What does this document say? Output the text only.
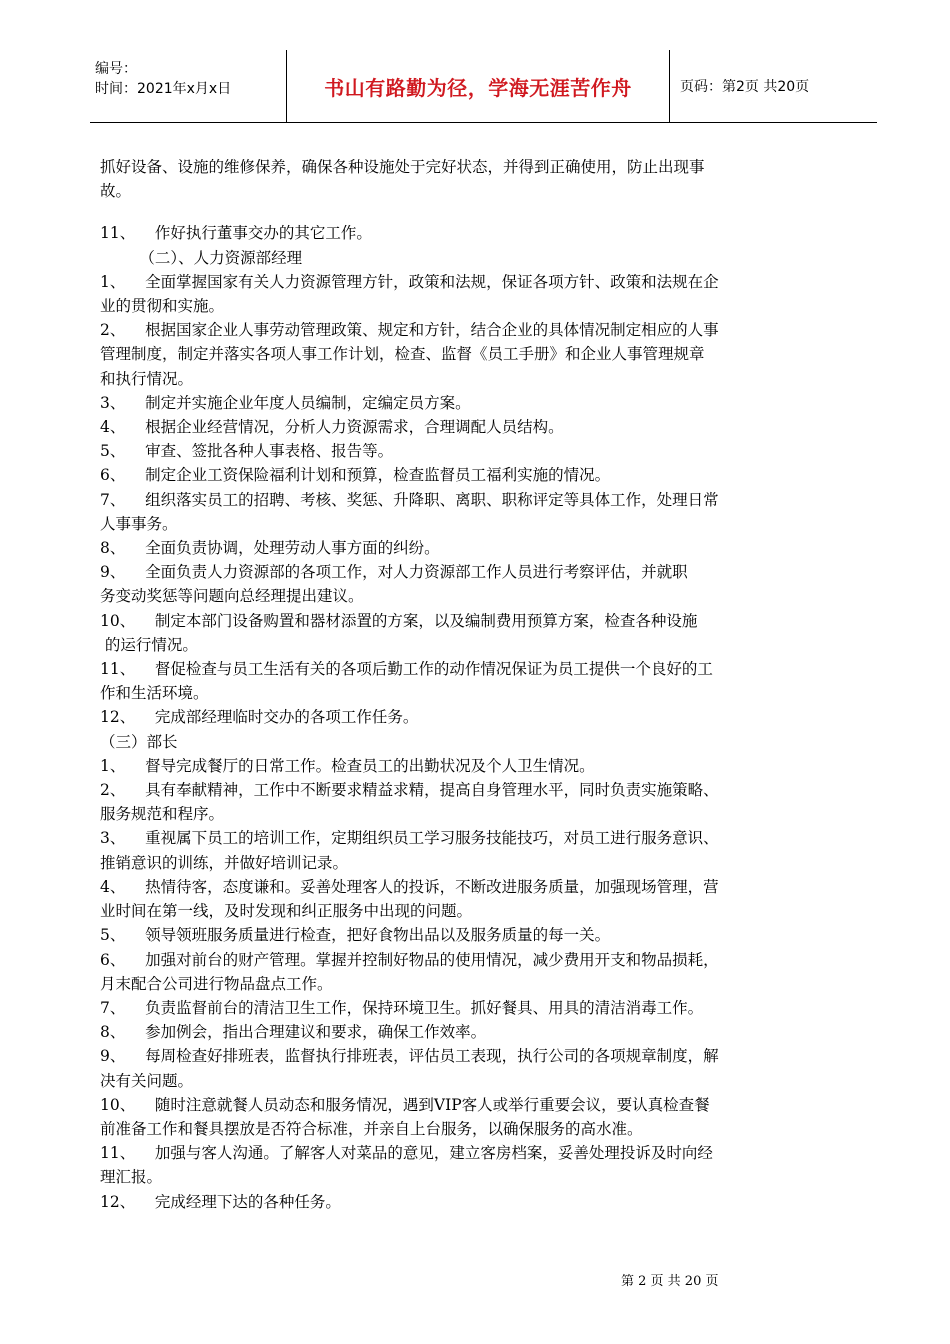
编号：
时间：2021年x月x日	书山有路勤为径，学海无涯苦作舟	页码：第2页 共20页
抓好设备、设施的维修保养，确保各种设施处于完好状态，并得到正确使用，防止出现事
故。
11、    作好执行董事交办的其它工作。
（二）、人力资源部经理
1、    全面掌握国家有关人力资源管理方针，政策和法规，保证各项方针、政策和法规在企
业的贯彻和实施。
2、    根据国家企业人事劳动管理政策、规定和方针，结合企业的具体情况制定相应的人事
管理制度，制定并落实各项人事工作计划，检查、监督《员工手册》和企业人事管理规章
和执行情况。
3、    制定并实施企业年度人员编制，定编定员方案。
4、    根据企业经营情况，分析人力资源需求，合理调配人员结构。
5、    审查、签批各种人事表格、报告等。
6、    制定企业工资保险福利计划和预算，检查监督员工福利实施的情况。
7、    组织落实员工的招聘、考核、奖惩、升降职、离职、职称评定等具体工作，处理日常
人事事务。
8、    全面负责协调，处理劳动人事方面的纠纷。
9、    全面负责人力资源部的各项工作，对人力资源部工作人员进行考察评估，并就职
务变动奖惩等问题向总经理提出建议。
10、    制定本部门设备购置和器材添置的方案，以及编制费用预算方案，检查各种设施
的运行情况。
11、    督促检查与员工生活有关的各项后勤工作的动作情况保证为员工提供一个良好的工
作和生活环境。
12、    完成部经理临时交办的各项工作任务。
（三）部长
1、    督导完成餐厅的日常工作。检查员工的出勤状况及个人卫生情况。
2、    具有奉献精神，工作中不断要求精益求精，提高自身管理水平，同时负责实施策略、
服务规范和程序。
3、    重视属下员工的培训工作，定期组织员工学习服务技能技巧，对员工进行服务意识、
推销意识的训练，并做好培训记录。
4、    热情待客，态度谦和。妥善处理客人的投诉，不断改进服务质量，加强现场管理，营
业时间在第一线，及时发现和纠正服务中出现的问题。
5、    领导领班服务质量进行检查，把好食物出品以及服务质量的每一关。
6、    加强对前台的财产管理。掌握并控制好物品的使用情况，减少费用开支和物品损耗，
月末配合公司进行物品盘点工作。
7、    负责监督前台的清洁卫生工作，保持环境卫生。抓好餐具、用具的清洁消毒工作。
8、    参加例会，指出合理建议和要求，确保工作效率。
9、    每周检查好排班表，监督执行排班表，评估员工表现，执行公司的各项规章制度，解
决有关问题。
10、    随时注意就餐人员动态和服务情况，遇到VIP客人或举行重要会议，要认真检查餐
前准备工作和餐具摆放是否符合标准，并亲自上台服务，以确保服务的高水准。
11、    加强与客人沟通。了解客人对菜品的意见，建立客房档案，妥善处理投诉及时向经
理汇报。
12、    完成经理下达的各种任务。
第 2 页 共 20 页
